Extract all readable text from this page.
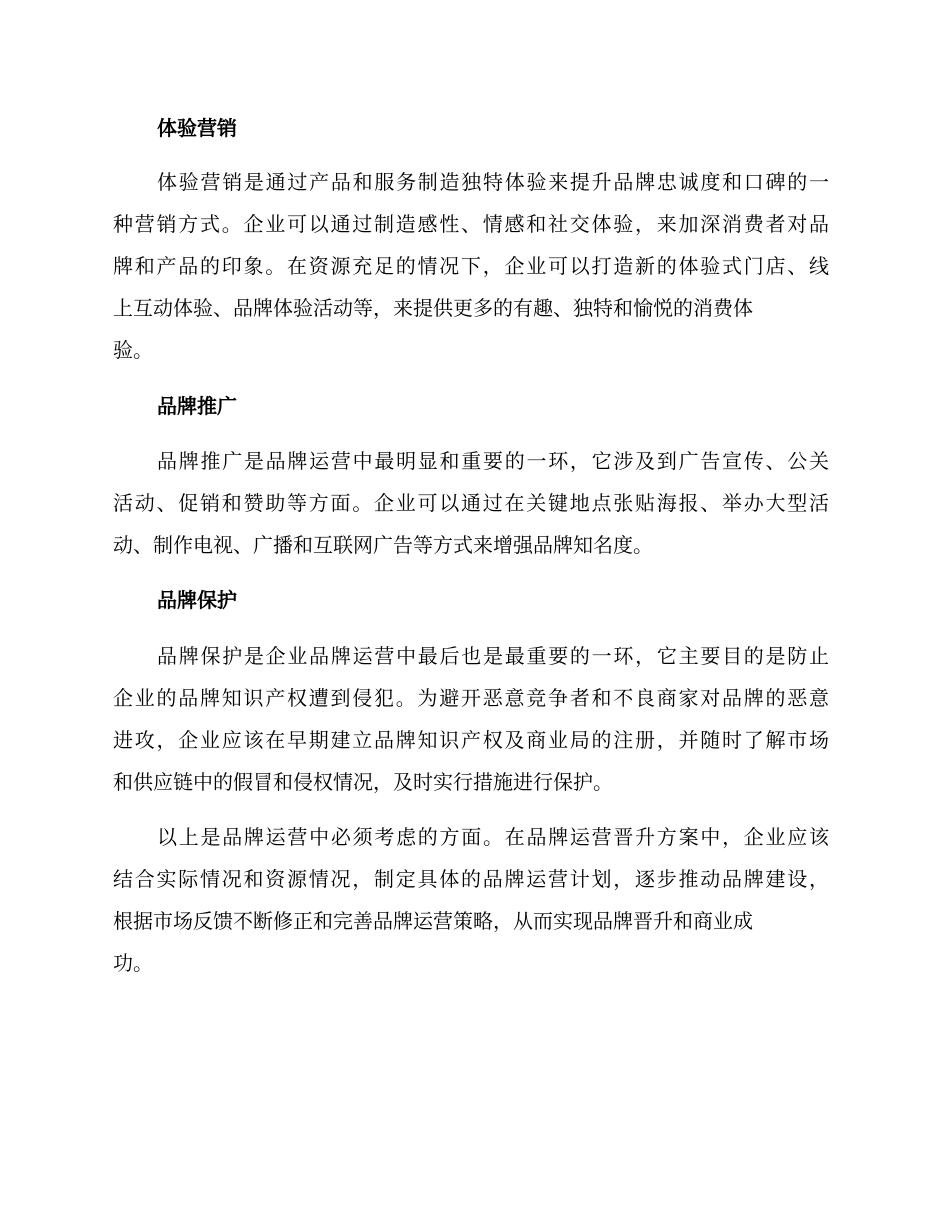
体验营销

体验营销是通过产品和服务制造独特体验来提升品牌忠诚度和口碑的一

种营销方式。企业可以通过制造感性、情感和社交体验，来加深消费者对品

牌和产品的印象。在资源充足的情况下，企业可以打造新的体验式门店、线

上互动体验、品牌体验活动等，来提供更多的有趣、独特和愉悦的消费体

验。

品牌推广

品牌推广是品牌运营中最明显和重要的一环，它涉及到广告宣传、公关

活动、促销和赞助等方面。企业可以通过在关键地点张贴海报、举办大型活

动、制作电视、广播和互联网广告等方式来增强品牌知名度。

品牌保护

品牌保护是企业品牌运营中最后也是最重要的一环，它主要目的是防止

企业的品牌知识产权遭到侵犯。为避开恶意竞争者和不良商家对品牌的恶意

进攻，企业应该在早期建立品牌知识产权及商业局的注册，并随时了解市场

和供应链中的假冒和侵权情况，及时实行措施进行保护。

以上是品牌运营中必须考虑的方面。在品牌运营晋升方案中，企业应该

结合实际情况和资源情况，制定具体的品牌运营计划，逐步推动品牌建设，

根据市场反馈不断修正和完善品牌运营策略，从而实现品牌晋升和商业成

功。
